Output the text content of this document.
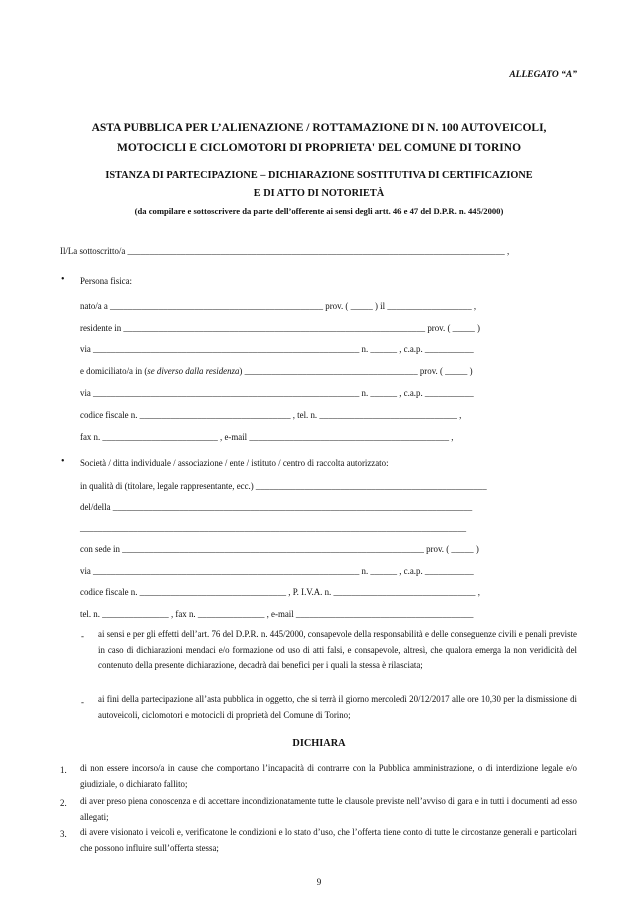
ALLEGATO “A”
ASTA PUBBLICA PER L’ALIENAZIONE / ROTTAMAZIONE DI N. 100 AUTOVEICOLI,
MOTOCICLI E CICLOMOTORI DI PROPRIETA' DEL COMUNE DI TORINO
ISTANZA DI PARTECIPAZIONE – DICHIARAZIONE SOSTITUTIVA DI CERTIFICAZIONE
E DI ATTO DI NOTORIETÀ
(da compilare e sottoscrivere da parte dell’offerente ai sensi degli artt. 46 e 47 del D.P.R. n. 445/2000)
Il/La sottoscritto/a _____________________________________________________________________________________ ,
• Persona fisica:
nato/a a ________________________________________________ prov. ( _____ ) il ___________________ ,
residente in ____________________________________________________________________ prov. ( _____ )
via ____________________________________________________________ n. ______ , c.a.p. ___________
e domiciliato/a in (se diverso dalla residenza) _______________________________________ prov. ( _____ )
via ____________________________________________________________ n. ______ , c.a.p. ___________
codice fiscale n. __________________________________ , tel. n. _______________________________ ,
fax n. __________________________ , e-mail _____________________________________________ ,
• Società / ditta individuale / associazione / ente / istituto / centro di raccolta autorizzato:
in qualità di (titolare, legale rappresentante, ecc.) ____________________________________________________
del/della _________________________________________________________________________________
_______________________________________________________________________________________
con sede in ____________________________________________________________________ prov. ( _____ )
via ____________________________________________________________ n. ______ , c.a.p. ___________
codice fiscale n. _________________________________ , P. I.V.A. n. ________________________________ ,
tel. n. _______________ , fax n. _______________ , e-mail ________________________________________
- ai sensi e per gli effetti dell’art. 76 del D.P.R. n. 445/2000, consapevole della responsabilità e delle conseguenze civili e penali previste in caso di dichiarazioni mendaci e/o formazione od uso di atti falsi, e consapevole, altresì, che qualora emerga la non veridicità del contenuto della presente dichiarazione, decadrà dai benefici per i quali la stessa è rilasciata;
- ai fini della partecipazione all’asta pubblica in oggetto, che si terrà il giorno mercoledì 20/12/2017 alle ore 10,30 per la dismissione di autoveicoli, ciclomotori e motocicli di proprietà del Comune di Torino;
DICHIARA
1. di non essere incorso/a in cause che comportano l’incapacità di contrarre con la Pubblica amministrazione, o di interdizione legale e/o giudiziale, o dichiarato fallito;
2. di aver preso piena conoscenza e di accettare incondizionatamente tutte le clausole previste nell’avviso di gara e in tutti i documenti ad esso allegati;
3. di avere visionato i veicoli e, verificatone le condizioni e lo stato d’uso, che l’offerta tiene conto di tutte le circostanze generali e particolari che possono influire sull’offerta stessa;
9
